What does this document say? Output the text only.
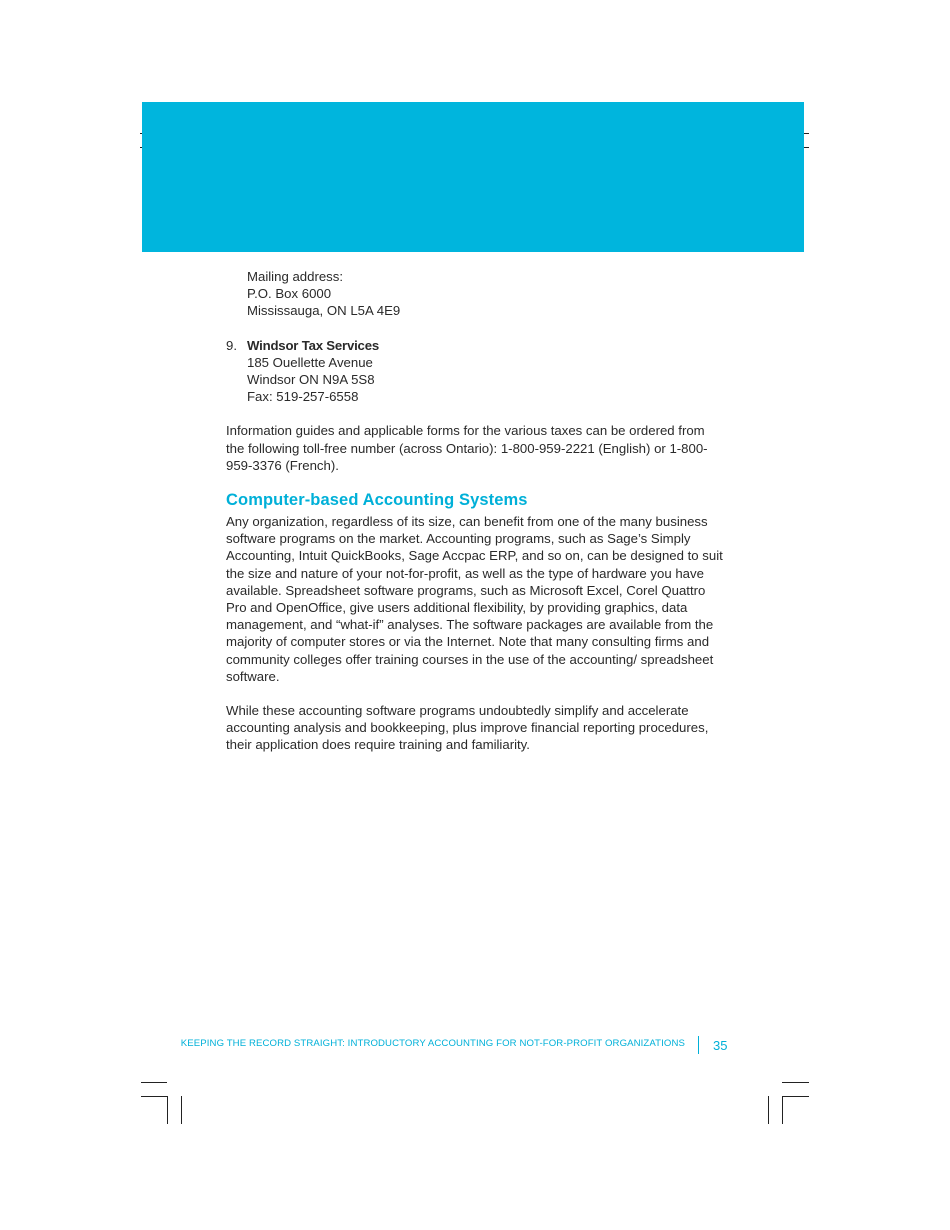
Mailing address:
P.O. Box 6000
Mississauga, ON L5A 4E9
9. Windsor Tax Services
185 Ouellette Avenue
Windsor ON N9A 5S8
Fax: 519-257-6558

Information guides and applicable forms for the various taxes can be ordered from the following toll-free number (across Ontario): 1-800-959-2221 (English) or 1-800-959-3376 (French).

Computer-based Accounting Systems

Any organization, regardless of its size, can benefit from one of the many business software programs on the market. Accounting programs, such as Sage’s Simply Accounting, Intuit QuickBooks, Sage Accpac ERP, and so on, can be designed to suit the size and nature of your not-for-profit, as well as the type of hardware you have available. Spreadsheet software programs, such as Microsoft Excel, Corel Quattro Pro and OpenOffice, give users additional flexibility, by providing graphics, data management, and “what-if” analyses. The software packages are available from the majority of computer stores or via the Internet. Note that many consulting firms and community colleges offer training courses in the use of the accounting/ spreadsheet software.

While these accounting software programs undoubtedly simplify and accelerate accounting analysis and bookkeeping, plus improve financial reporting procedures, their application does require training and familiarity.

KEEPING THE RECORD STRAIGHT: INTRODUCTORY ACCOUNTING FOR NOT-FOR-PROFIT ORGANIZATIONS 35
